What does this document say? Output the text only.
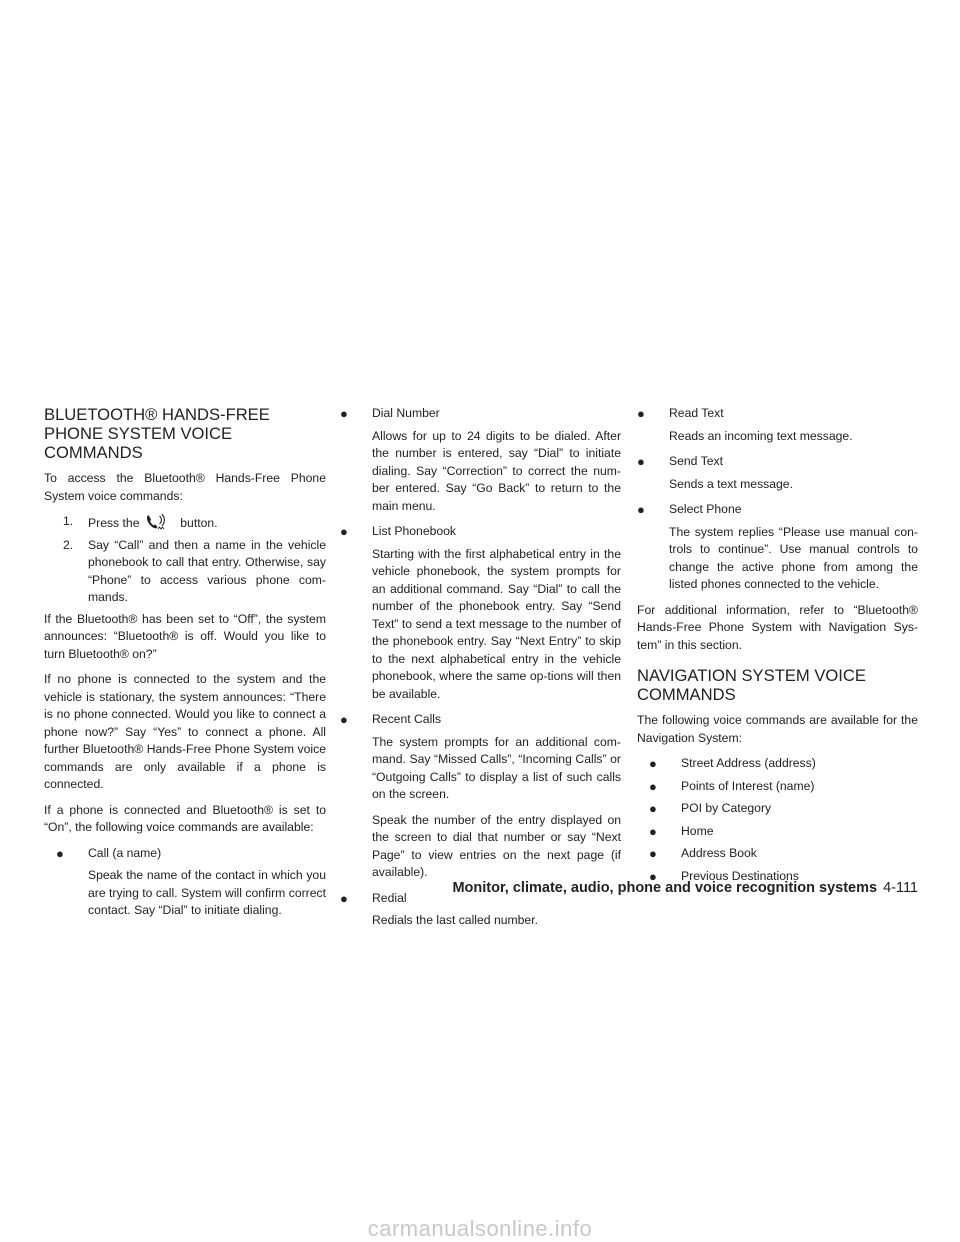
BLUETOOTH® HANDS-FREE
PHONE SYSTEM VOICE
COMMANDS

To access the Bluetooth® Hands-Free Phone System voice commands:

1. Press the	button.
2. Say “Call” and then a name in the vehicle phonebook to call that entry. Otherwise, say “Phone” to access various phone com-mands.

If the Bluetooth® has been set to “Off”, the system announces: “Bluetooth® is off. Would you like to turn Bluetooth® on?”

If no phone is connected to the system and the vehicle is stationary, the system announces: “There is no phone connected. Would you like to connect a phone now?” Say “Yes” to connect a phone. All further Bluetooth® Hands-Free Phone System voice commands are only available if a phone is connected.

If a phone is connected and Bluetooth® is set to “On”, the following voice commands are available:

● Call (a name)

Speak the name of the contact in which you are trying to call. System will confirm correct contact. Say “Dial” to initiate dialing.

● Dial Number

Allows for up to 24 digits to be dialed. After the number is entered, say “Dial” to initiate dialing. Say “Correction” to correct the num-ber entered. Say “Go Back” to return to the main menu.

● List Phonebook

Starting with the first alphabetical entry in the vehicle phonebook, the system prompts for an additional command. Say “Dial” to call the number of the phonebook entry. Say “Send Text” to send a text message to the number of the phonebook entry. Say “Next Entry” to skip to the next alphabetical entry in the vehicle phonebook, where the same op-tions will then be available.

● Recent Calls

The system prompts for an additional com-mand. Say “Missed Calls”, “Incoming Calls” or “Outgoing Calls” to display a list of such calls on the screen.

Speak the number of the entry displayed on the screen to dial that number or say “Next Page” to view entries on the next page (if available).

● Redial

Redials the last called number.

● Read Text

Reads an incoming text message.

● Send Text

Sends a text message.

● Select Phone

The system replies “Please use manual con-trols to continue”. Use manual controls to change the active phone from among the listed phones connected to the vehicle.

For additional information, refer to “Bluetooth® Hands-Free Phone System with Navigation Sys-tem” in this section.

NAVIGATION SYSTEM VOICE
COMMANDS

The following voice commands are available for the Navigation System:

● Street Address (address)
● Points of Interest (name)
● POI by Category
● Home
● Address Book
● Previous Destinations
Monitor, climate, audio, phone and voice recognition systems 4-111
carmanualsonline.info
